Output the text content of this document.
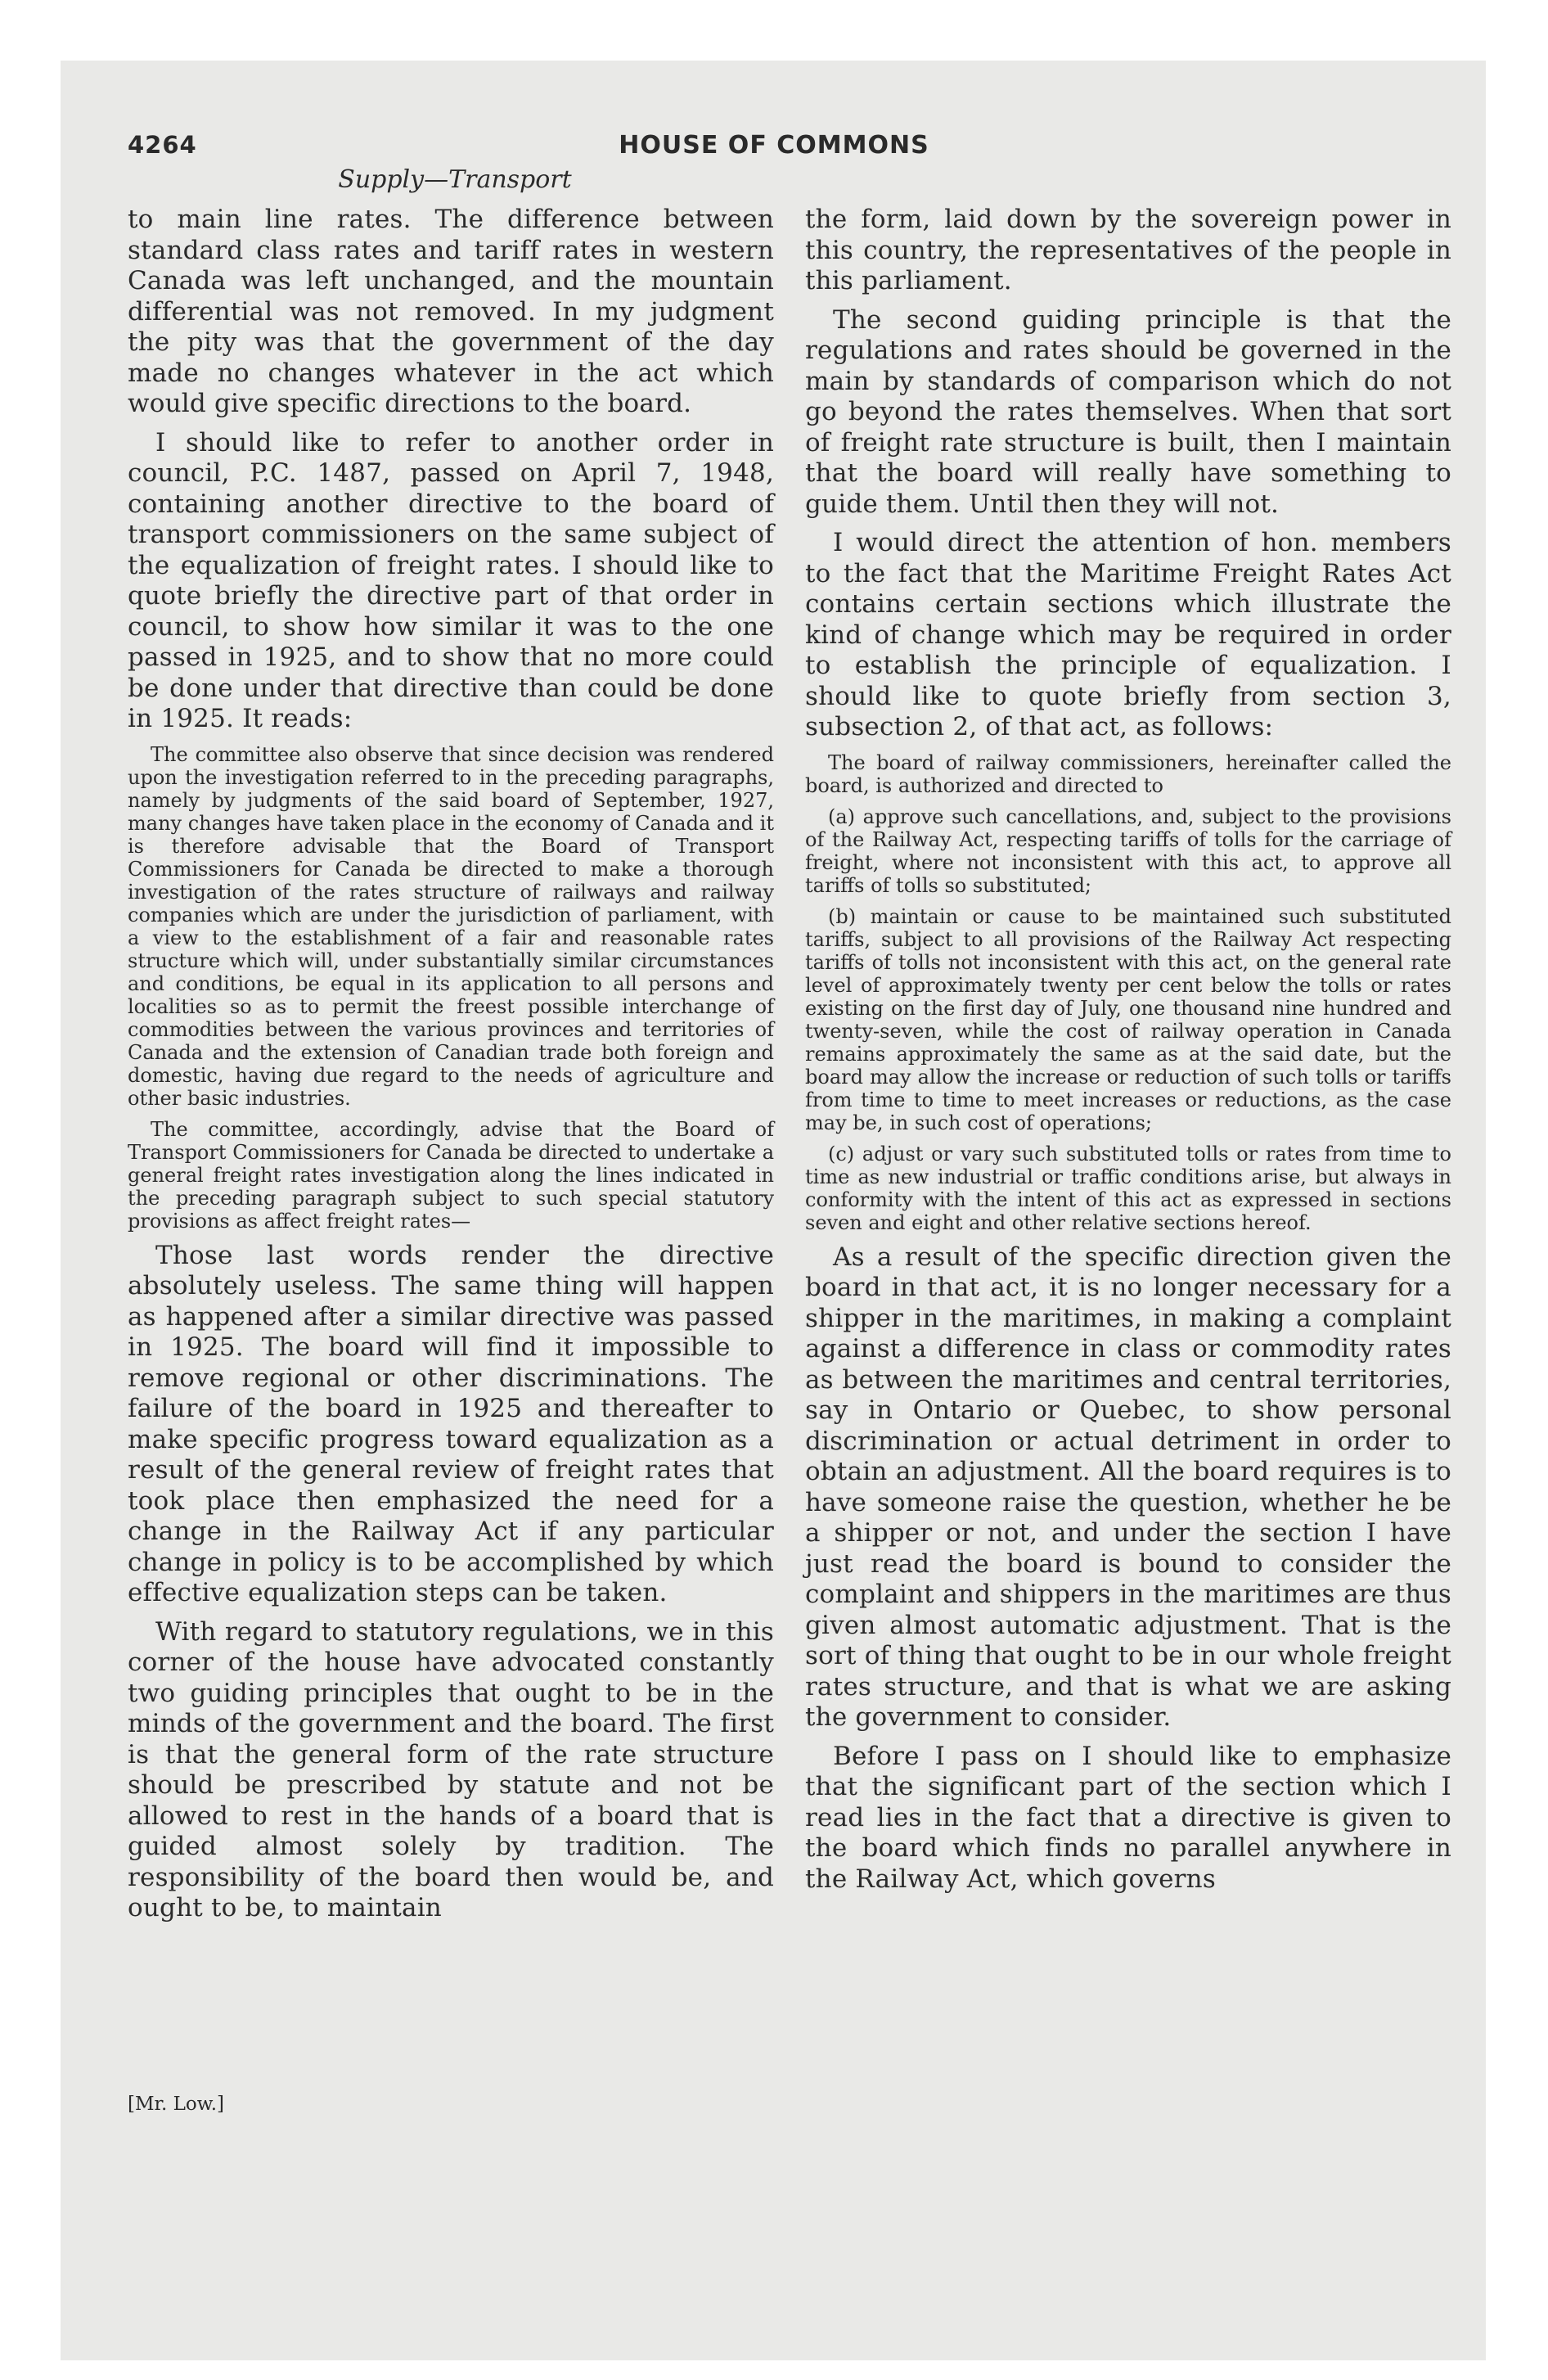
4264	HOUSE OF COMMONS
Supply—Transport

to main line rates. The difference between standard class rates and tariff rates in western Canada was left unchanged, and the mountain differential was not removed. In my judgment the pity was that the government of the day made no changes whatever in the act which would give specific directions to the board.

I should like to refer to another order in council, P.C. 1487, passed on April 7, 1948, containing another directive to the board of transport commissioners on the same subject of the equalization of freight rates. I should like to quote briefly the directive part of that order in council, to show how similar it was to the one passed in 1925, and to show that no more could be done under that directive than could be done in 1925. It reads:

The committee also observe that since decision was rendered upon the investigation referred to in the preceding paragraphs, namely by judgments of the said board of September, 1927, many changes have taken place in the economy of Canada and it is therefore advisable that the Board of Transport Commissioners for Canada be directed to make a thorough investigation of the rates structure of railways and railway companies which are under the jurisdiction of parliament, with a view to the establishment of a fair and reasonable rates structure which will, under substantially similar circumstances and conditions, be equal in its application to all persons and localities so as to permit the freest possible interchange of commodities between the various provinces and territories of Canada and the extension of Canadian trade both foreign and domestic, having due regard to the needs of agriculture and other basic industries.

The committee, accordingly, advise that the Board of Transport Commissioners for Canada be directed to undertake a general freight rates investigation along the lines indicated in the preceding paragraph subject to such special statutory provisions as affect freight rates—

Those last words render the directive absolutely useless. The same thing will happen as happened after a similar directive was passed in 1925. The board will find it impossible to remove regional or other discriminations. The failure of the board in 1925 and thereafter to make specific progress toward equalization as a result of the general review of freight rates that took place then emphasized the need for a change in the Railway Act if any particular change in policy is to be accomplished by which effective equalization steps can be taken.

With regard to statutory regulations, we in this corner of the house have advocated constantly two guiding principles that ought to be in the minds of the government and the board. The first is that the general form of the rate structure should be prescribed by statute and not be allowed to rest in the hands of a board that is guided almost solely by tradition. The responsibility of the board then would be, and ought to be, to maintain

the form, laid down by the sovereign power in this country, the representatives of the people in this parliament.

The second guiding principle is that the regulations and rates should be governed in the main by standards of comparison which do not go beyond the rates themselves. When that sort of freight rate structure is built, then I maintain that the board will really have something to guide them. Until then they will not.

I would direct the attention of hon. members to the fact that the Maritime Freight Rates Act contains certain sections which illustrate the kind of change which may be required in order to establish the principle of equalization. I should like to quote briefly from section 3, subsection 2, of that act, as follows:

The board of railway commissioners, hereinafter called the board, is authorized and directed to

(a) approve such cancellations, and, subject to the provisions of the Railway Act, respecting tariffs of tolls for the carriage of freight, where not inconsistent with this act, to approve all tariffs of tolls so substituted;

(b) maintain or cause to be maintained such substituted tariffs, subject to all provisions of the Railway Act respecting tariffs of tolls not inconsistent with this act, on the general rate level of approximately twenty per cent below the tolls or rates existing on the first day of July, one thousand nine hundred and twenty-seven, while the cost of railway operation in Canada remains approximately the same as at the said date, but the board may allow the increase or reduction of such tolls or tariffs from time to time to meet increases or reductions, as the case may be, in such cost of operations;

(c) adjust or vary such substituted tolls or rates from time to time as new industrial or traffic conditions arise, but always in conformity with the intent of this act as expressed in sections seven and eight and other relative sections hereof.

As a result of the specific direction given the board in that act, it is no longer necessary for a shipper in the maritimes, in making a complaint against a difference in class or commodity rates as between the maritimes and central territories, say in Ontario or Quebec, to show personal discrimination or actual detriment in order to obtain an adjustment. All the board requires is to have someone raise the question, whether he be a shipper or not, and under the section I have just read the board is bound to consider the complaint and shippers in the maritimes are thus given almost automatic adjustment. That is the sort of thing that ought to be in our whole freight rates structure, and that is what we are asking the government to consider.

Before I pass on I should like to emphasize that the significant part of the section which I read lies in the fact that a directive is given to the board which finds no parallel anywhere in the Railway Act, which governs

[Mr. Low.]
